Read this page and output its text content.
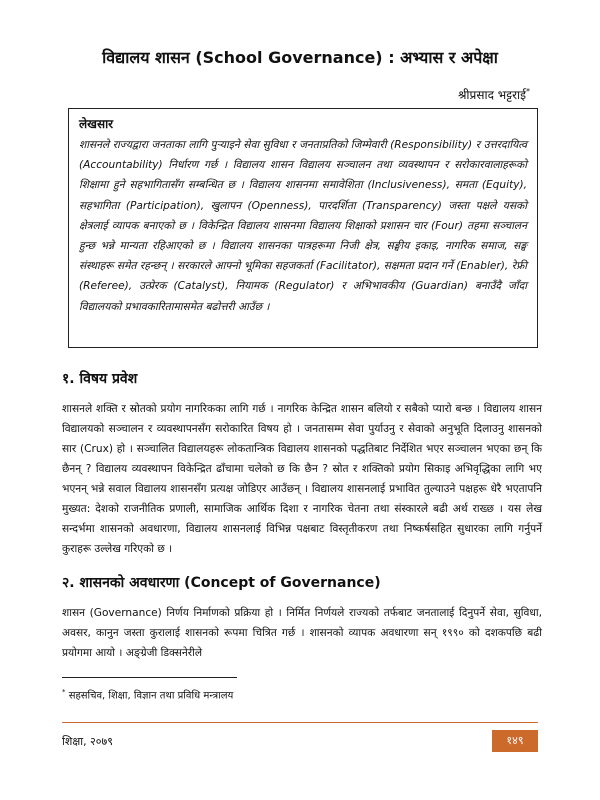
विद्यालय शासन (School Governance) : अभ्यास र अपेक्षा
श्रीप्रसाद भट्टराई*
लेखसार
शासनले राज्यद्वारा जनताका लागि पुऱ्याइने सेवा सुविधा र जनताप्रतिको जिम्मेवारी (Responsibility) र उत्तरदायित्व (Accountability) निर्धारण गर्छ । विद्यालय शासन विद्यालय सञ्चालन तथा व्यवस्थापन र सरोकारवालाहरूको शिक्षामा हुने सहभागितासँग सम्बन्धित छ । विद्यालय शासनमा समावेशिता (Inclusiveness), समता (Equity), सहभागिता (Participation), खुलापन (Openness), पारदर्शिता (Transparency) जस्ता पक्षले यसको क्षेत्रलाई व्यापक बनाएको छ । विकेन्द्रित विद्यालय शासनमा विद्यालय शिक्षाको प्रशासन चार (Four) तहमा सञ्चालन हुन्छ भन्ने मान्यता रहिआएको छ । विद्यालय शासनका पात्रहरूमा निजी क्षेत्र, सङ्घीय इकाइ, नागरिक समाज, सङ्घ संस्थाहरू समेत रहन्छन् । सरकारले आफ्नो भूमिका सहजकर्ता (Facilitator), सक्षमता प्रदान गर्ने (Enabler), रेफ्री (Referee), उत्प्रेरक (Catalyst), नियामक (Regulator) र अभिभावकीय (Guardian) बनाउँदै जाँदा विद्यालयको प्रभावकारितामासमेत बढोत्तरी आउँछ ।
१. विषय प्रवेश

शासनले शक्ति र स्रोतको प्रयोग नागरिकका लागि गर्छ । नागरिक केन्द्रित शासन बलियो र सबैको प्यारो बन्छ । विद्यालय शासन विद्यालयको सञ्चालन र व्यवस्थापनसँग सरोकारित विषय हो । जनतासम्म सेवा पुर्याउनु र सेवाको अनुभूति दिलाउनु शासनको सार (Crux) हो । सञ्चालित विद्यालयहरू लोकतान्त्रिक विद्यालय शासनको पद्धतिबाट निर्देशित भएर सञ्चालन भएका छन् कि छैनन् ? विद्यालय व्यवस्थापन विकेन्द्रित ढाँचामा चलेको छ कि छैन ? स्रोत र शक्तिको प्रयोग सिकाइ अभिवृद्धिका लागि भए भएनन् भन्ने सवाल विद्यालय शासनसँग प्रत्यक्ष जोडिएर आउँछन् । विद्यालय शासनलाई प्रभावित तुल्याउने पक्षहरू धेरै भएतापनि मुख्यत: देशको राजनीतिक प्रणाली, सामाजिक आर्थिक दिशा र नागरिक चेतना तथा संस्कारले बढी अर्थ राख्छ । यस लेख सन्दर्भमा शासनको अवधारणा, विद्यालय शासनलाई विभिन्न पक्षबाट विस्तृतीकरण तथा निष्कर्षसहित सुधारका लागि गर्नुपर्ने कुराहरू उल्लेख गरिएको छ ।

२. शासनको अवधारणा (Concept of Governance)

शासन (Governance) निर्णय निर्माणको प्रक्रिया हो । निर्मित निर्णयले राज्यको तर्फबाट जनतालाई दिनुपर्ने सेवा, सुविधा, अवसर, कानुन जस्ता कुरालाई शासनको रूपमा चित्रित गर्छ । शासनको व्यापक अवधारणा सन् १९९० को दशकपछि बढी प्रयोगमा आयो । अङ्ग्रेजी डिक्सनेरीले

* सहसचिव, शिक्षा, विज्ञान तथा प्रविधि मन्त्रालय
शिक्षा, २०७९	१४९
